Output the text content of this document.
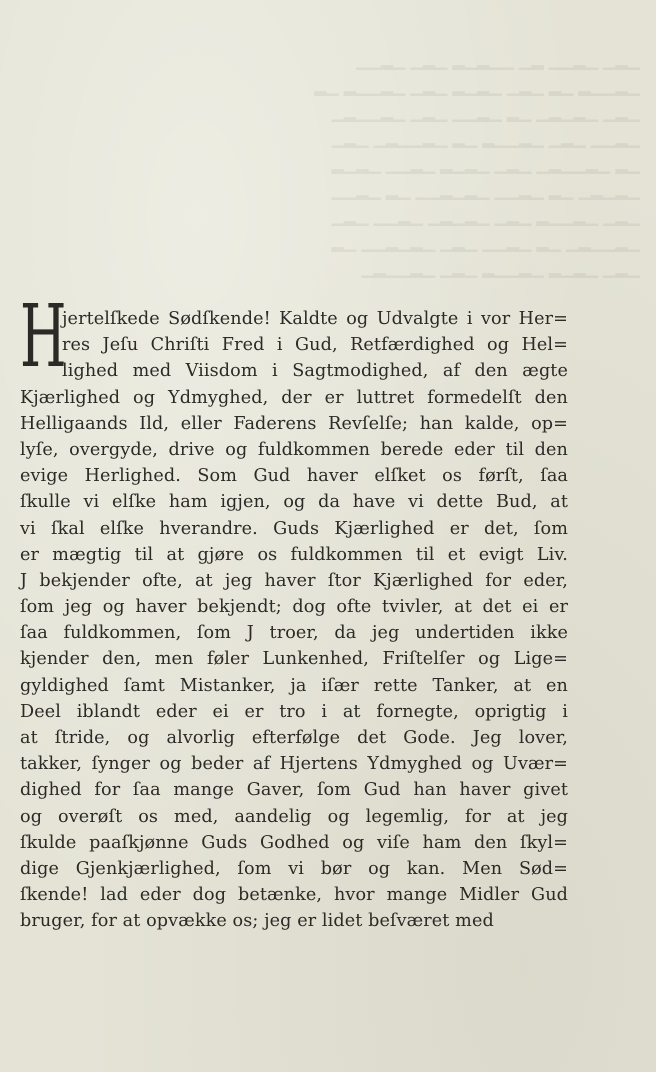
▁▂▁ ▁▂▁▁ ▂▁ ▁▁▂▁▂ ▁▂▁ ▁▂▁▁
▁▂▁▁▂ ▁▂ ▁▂▁ ▁▂▁▂ ▁▂▁ ▁▂▁▁▂ ▁▂
▁▂▁ ▁▂▁▂▁ ▁▂ ▁▂▁▁ ▁▂▁ ▁▂▁▁▂▁
▁▂▁▁ ▁▂▁ ▁▂▁▁▂ ▁▂ ▁▂▁▁▂▁ ▁▂▁
▁▂ ▁▂▁▁▂▁ ▁▂▁ ▁▂▁▂ ▁▂▁▁ ▁▂▁▂
▁▂▁▂▁ ▁▂ ▁▂▁▁ ▁▂▁▂▁▁ ▁▂ ▁▂▁▁
▁▂▁ ▁▂▁▁▂ ▁▂▁ ▁▂▁▂▁ ▁▂▁▁ ▁▂▁
▁▂▁▁▂▁ ▁▂ ▁▂▁▁ ▁▂▁ ▁▂▁▂▁▁ ▁▂
▁▂▁ ▁▂▁▂ ▁▂▁▁▂ ▁▂▁ ▁▂▁▁▂▁
H
jertelſkede Sødſkende! Kaldte og Udvalgte i vor Her=
res Jeſu Chriſti Fred i Gud, Retfærdighed og Hel=
lighed med Viisdom i Sagtmodighed, af den ægte
Kjærlighed og Ydmyghed, der er luttret formedelſt den
Helligaands Ild, eller Faderens Revſelſe; han kalde, op=
lyſe, overgyde, drive og fuldkommen berede eder til den
evige Herlighed. Som Gud haver elſket os førſt, ſaa
ſkulle vi elſke ham igjen, og da have vi dette Bud, at
vi ſkal elſke hverandre. Guds Kjærlighed er det, ſom
er mægtig til at gjøre os fuldkommen til et evigt Liv.
J bekjender ofte, at jeg haver ſtor Kjærlighed for eder,
ſom jeg og haver bekjendt; dog ofte tvivler, at det ei er
ſaa fuldkommen, ſom J troer, da jeg undertiden ikke
kjender den, men føler Lunkenhed, Friſtelſer og Lige=
gyldighed ſamt Mistanker, ja iſær rette Tanker, at en
Deel iblandt eder ei er tro i at fornegte, oprigtig i
at ſtride, og alvorlig efterfølge det Gode. Jeg lover,
takker, ſynger og beder af Hjertens Ydmyghed og Uvær=
dighed for ſaa mange Gaver, ſom Gud han haver givet
og overøſt os med, aandelig og legemlig, for at jeg
ſkulde paaſkjønne Guds Godhed og viſe ham den ſkyl=
dige Gjenkjærlighed, ſom vi bør og kan. Men Sød=
ſkende! lad eder dog betænke, hvor mange Midler Gud
bruger, for at opvække os; jeg er lidet beſværet med
